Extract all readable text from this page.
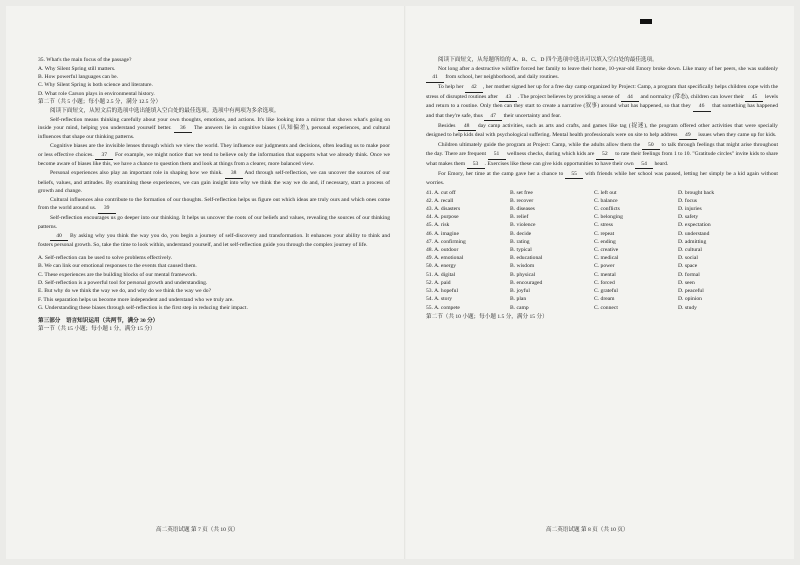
35. What's the main focus of the passage?
A. Why Silent Spring still matters.
B. How powerful languages can be.
C. Why Silent Spring is both science and literature.
D. What role Carson plays in environmental history.
第二节（共 5 小题；每小题 2.5 分，满分 12.5 分）
阅读下面短文，从短文后的选项中选出能填入空白处的最佳选项。选项中有两项为多余选项。
Self-reflection means thinking carefully about your own thoughts, emotions, and actions. It's like looking into a mirror that shows what's going on inside your mind, helping you understand yourself better. 36 The answers lie in cognitive biases (认知偏差), personal experiences, and cultural influences that shape our thinking patterns.
Cognitive biases are the invisible lenses through which we view the world. They influence our judgments and decisions, often leading us to make poor or less effective choices. 37 For example, we might notice that we tend to believe only the information that supports what we already think. Once we become aware of biases like this, we have a chance to question them and look at things from a clearer, more balanced view.
Personal experiences also play an important role in shaping how we think. 38 And through self-reflection, we can uncover the sources of our beliefs, values, and attitudes. By examining these experiences, we can gain insight into why we think the way we do and, if necessary, start a process of growth and change.
Cultural influences also contribute to the formation of our thoughts. Self-reflection helps us figure out which ideas are truly ours and which ones come from the world around us. 39
Self-reflection encourages us go deeper into our thinking. It helps us uncover the roots of our beliefs and values, revealing the sources of our thinking patterns.
40 By asking why you think the way you do, you begin a journey of self-discovery and transformation. It enhances your ability to think and fosters personal growth. So, take the time to look within, understand yourself, and let self-reflection guide you through the complex journey of life.
A. Self-reflection can be used to solve problems effectively.
B. We can link our emotional responses to the events that caused them.
C. These experiences are the building blocks of our mental framework.
D. Self-reflection is a powerful tool for personal growth and understanding.
E. But why do we think the way we do, and why do we think the way we do?
F. This separation helps us become more independent and understand who we truly are.
G. Understanding these biases through self-reflection is the first step in reducing their impact.
第三部分　语言知识运用（共两节，满分 30 分）
第一节（共 15 小题；每小题 1 分，满分 15 分）
阅读下面短文，从每题所给的 A、B、C、D 四个选项中选出可以填入空白处的最佳选项。
Not long after a destructive wildfire forced her family to leave their home, 10-year-old Emory broke down. Like many of her peers, she was suddenly 41 from school, her neighborhood, and daily routines.
To help her 42 , her mother signed her up for a free day camp organized by Project: Camp, a program that specifically helps children cope with the stress of disrupted routines after 43 . The project believes by providing a sense of 44 and normalcy (常态), children can lower their 45 levels and return to a routine. Only then can they start to create a narrative (叙事) around what has happened, so that they 46 that something has happened and that they're safe, thus 47 their uncertainty and fear.
Besides 48 day camp activities, such as arts and crafts, and games like tag (捉迷), the program offered other activities that were specially designed to help kids deal with psychological suffering. Mental health professionals were on site to help address 49 issues when they came up for kids.
Children ultimately guide the program at Project: Camp, while the adults allow them the 50 to talk through feelings that might arise throughout the day. There are frequent 51 wellness checks, during which kids are 52 to rate their feelings from 1 to 10. "Gratitude circles" invite kids to share what makes them 53 . Exercises like these can give kids opportunities to have their own 54 heard.
For Emory, her time at the camp gave her a chance to 55 with friends while her school was paused, letting her simply be a kid again without worries.
41. A. cut off	B. set free	C. left out	D. brought back
42. A. recall	B. recover	C. balance	D. focus
43. A. disasters	B. diseases	C. conflicts	D. injuries
44. A. purpose	B. relief	C. belonging	D. safety
45. A. risk	B. violence	C. stress	D. expectation
46. A. imagine	B. decide	C. repeat	D. understand
47. A. confirming	B. rating	C. ending	D. admitting
48. A. outdoor	B. typical	C. creative	D. cultural
49. A. emotional	B. educational	C. medical	D. social
50. A. energy	B. wisdom	C. power	D. space
51. A. digital	B. physical	C. mental	D. formal
52. A. paid	B. encouraged	C. forced	D. seen
53. A. hopeful	B. joyful	C. grateful	D. peaceful
54. A. story	B. plan	C. dream	D. opinion
55. A. compete	B. camp	C. connect	D. study
第二节（共 10 小题；每小题 1.5 分，满分 15 分）
高二英语试题 第 7 页（共 10 页）	高二英语试题 第 8 页（共 10 页）
